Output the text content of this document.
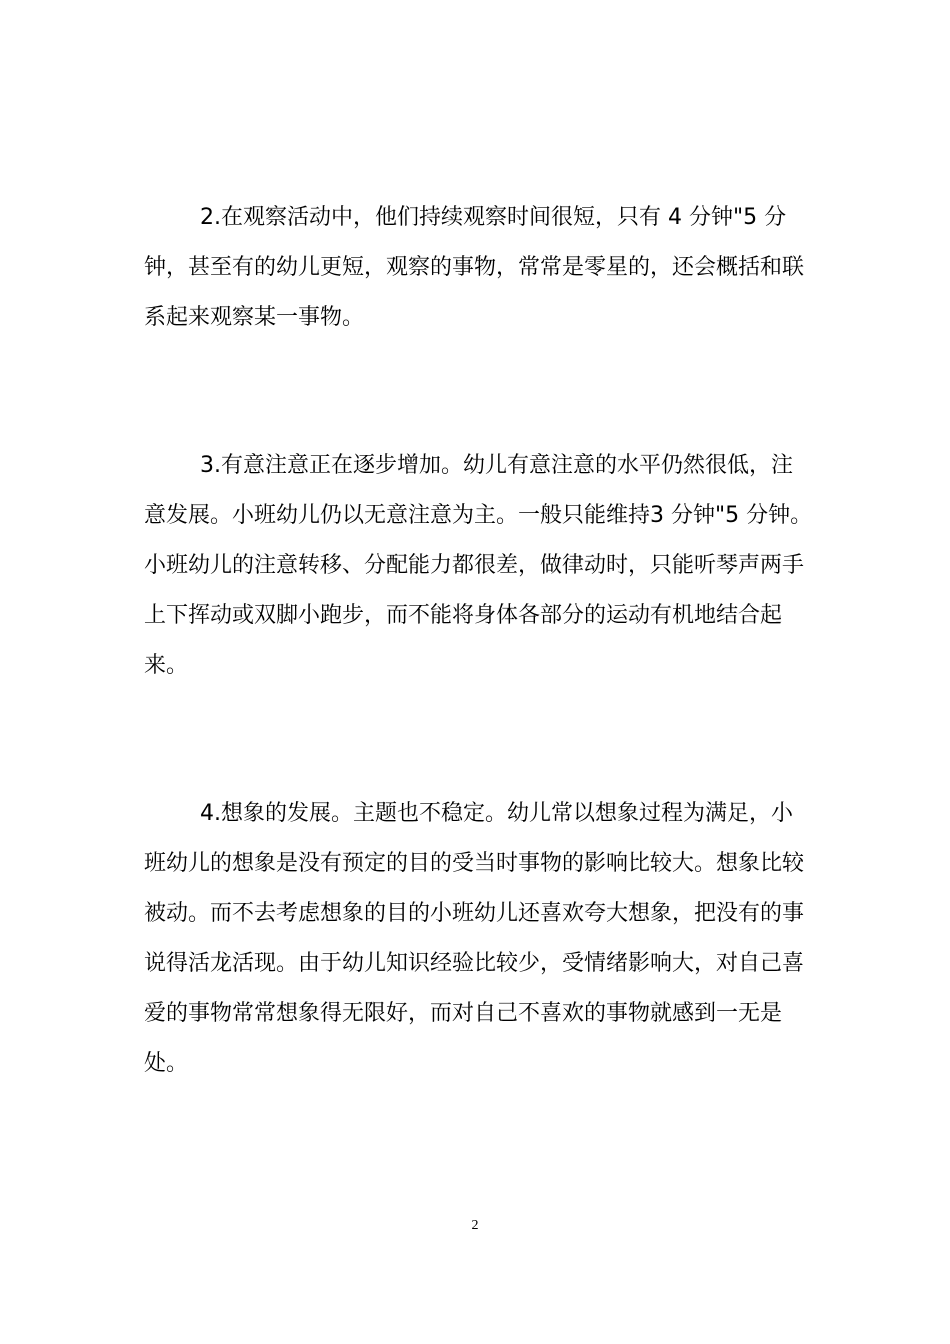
2.在观察活动中，他们持续观察时间很短，只有 4 分钟"5 分
钟，甚至有的幼儿更短，观察的事物，常常是零星的，还会概括和联
系起来观察某一事物。
3.有意注意正在逐步增加。幼儿有意注意的水平仍然很低，注
意发展。小班幼儿仍以无意注意为主。一般只能维持3 分钟"5 分钟。
小班幼儿的注意转移、分配能力都很差，做律动时，只能听琴声两手
上下挥动或双脚小跑步，而不能将身体各部分的运动有机地结合起
来。
4.想象的发展。主题也不稳定。幼儿常以想象过程为满足，小
班幼儿的想象是没有预定的目的受当时事物的影响比较大。想象比较
被动。而不去考虑想象的目的小班幼儿还喜欢夸大想象，把没有的事
说得活龙活现。由于幼儿知识经验比较少，受情绪影响大，对自己喜
爱的事物常常想象得无限好，而对自己不喜欢的事物就感到一无是
处。
2
